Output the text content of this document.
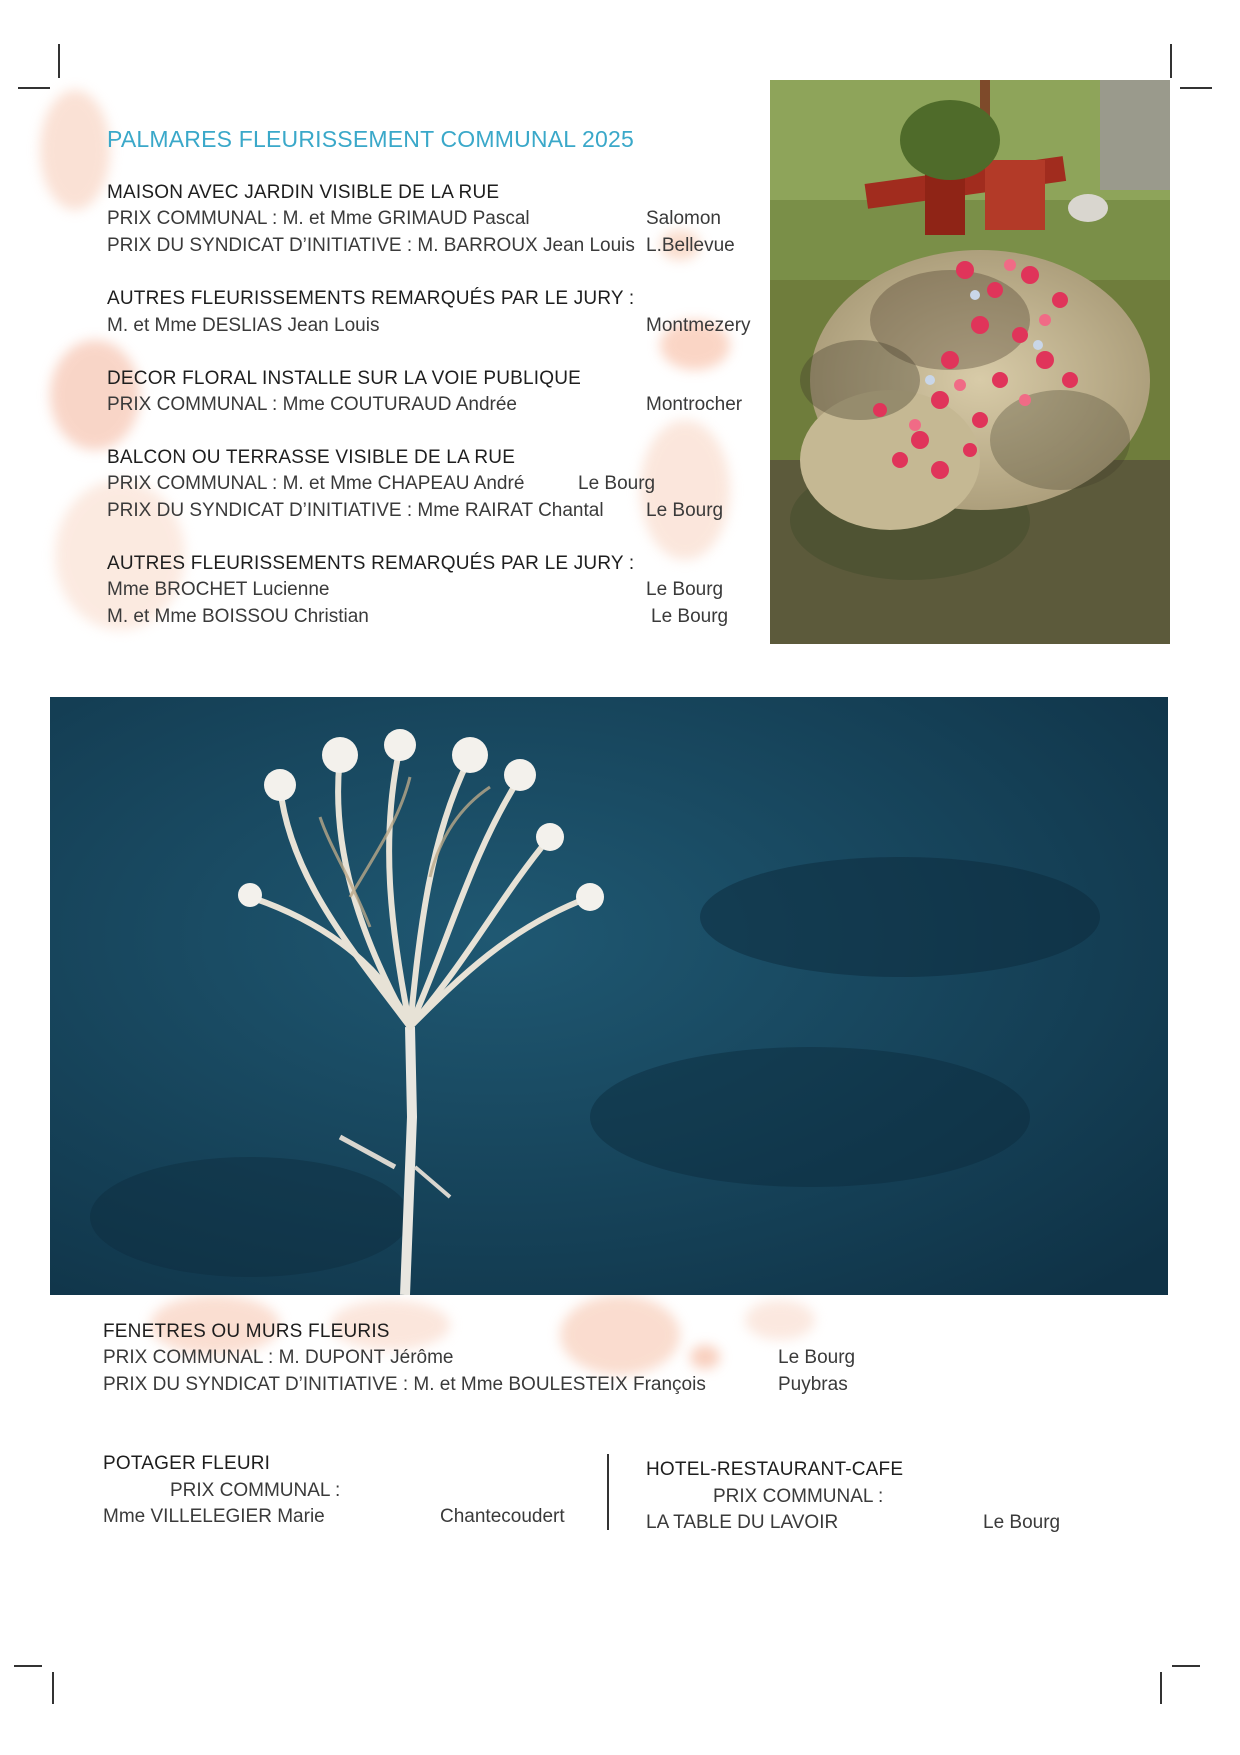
PALMARES FLEURISSEMENT COMMUNAL 2025
MAISON AVEC JARDIN VISIBLE DE LA RUE
PRIX COMMUNAL : M. et Mme GRIMAUD Pascal	Salomon
PRIX DU SYNDICAT D’INITIATIVE : M. BARROUX Jean Louis L.Bellevue
AUTRES FLEURISSEMENTS REMARQUÉS PAR LE JURY :
M. et Mme DESLIAS Jean Louis	Montmezery
DECOR FLORAL INSTALLE SUR LA VOIE PUBLIQUE
PRIX COMMUNAL : Mme COUTURAUD Andrée	Montrocher
BALCON OU TERRASSE VISIBLE DE LA RUE
PRIX COMMUNAL : M. et Mme CHAPEAU André	Le Bourg
PRIX DU SYNDICAT D’INITIATIVE : Mme RAIRAT Chantal Le Bourg
AUTRES FLEURISSEMENTS REMARQUÉS PAR LE JURY :
Mme BROCHET Lucienne	Le Bourg
M. et Mme BOISSOU Christian	Le Bourg
FENETRES OU MURS FLEURIS
PRIX COMMUNAL : M. DUPONT Jérôme	Le Bourg
PRIX DU SYNDICAT D’INITIATIVE : M. et Mme BOULESTEIX François	Puybras
POTAGER FLEURI
PRIX COMMUNAL :
Mme VILLELEGIER Marie	Chantecoudert
HOTEL-RESTAURANT-CAFE
PRIX COMMUNAL :
LA TABLE DU LAVOIR	Le Bourg
